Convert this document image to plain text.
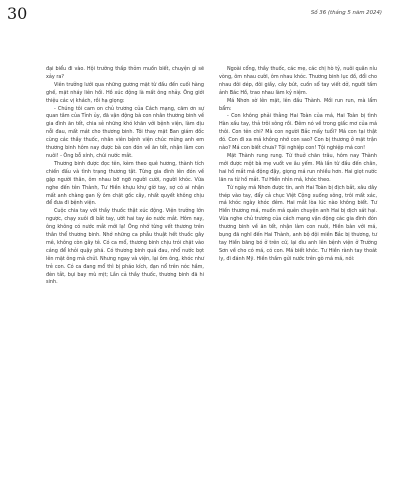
30	Số 36 (tháng 5 năm 2024)

đại biểu đi vào. Hội trường thấp thỏm muốn biết, chuyện gì sẽ xảy ra?

Viên trưởng lưới qua những gương mặt từ đầu đến cuối hàng ghế, mặt nháy liên hồi. Hồ xúc động là mất ông nhảy. Ông giới thiệu các vị khách, rồi hạ giọng:

- Chúng tôi cam on chủ trương của Cách mạng, căm ơn sự quan tâm của Tỉnh ủy, đã vận động bà con nhân thương binh về gia đình ăn tết, chia sẻ những khó khăn với bệnh viện, làm dịu nỗi đau, mất mát cho thương binh. Tôi thay mặt Ban giám đốc cùng các thầy thuốc, nhân viên bệnh viện chúc mừng anh em thương binh hôm nay được bà con đón về ăn tết, nhận làm con nuôi! - Ông bỗ xính, chúi nước mắt.

Thương binh được đọc tên, kèm theo quê hương, thành tích chiến đấu và tình trạng thương tật. Từng gia đình lên đón về gặp người thân, ôm nhau bỡ ngỡ người cười, người khóc. Vừa nghe đến tên Thành, Tư Hiền khựu khự giờ tay, sợ có ai nhận mất anh chàng gan lỳ ôm chặt gốc cây, nhất quyết không chịu để đưa đi bệnh viện.

Cuộc chia tay với thầy thuốc thật xúc động. Viện trưởng lớn ngược, chạy xuôi đi bắt tay, ướt hai tay áo nước mắt. Hôm nay, ông không có nước mắt mới lạ! Ông nhớ từng vết thương trên thân thể thương binh. Nhớ những ca phẫu thuật hết thuốc gây mê, không còn gây tê. Có ca mổ, thương binh chịu trói chặt vào cáng để khỏi quậy phá. Có thương binh quá đau, nhổ nước bọt lên mặt ông mà chửi. Nhưng ngay và viện, lại ôm ông, khóc như trẻ con. Có ca đang mổ thì bị pháo kích, đạn nổ trên nóc hầm, đèn tắt, bụi bay mù mịt; Lần cả thầy thuốc, thương binh đã hi sinh.

Ngoài cổng, thầy thuốc, các mẹ, các chị hò tỷ, nuôi quân níu vòng, ôm nhau cười, ôm nhau khóc. Thương binh lục đồ, đổi cho nhau đôi dép, đôi giầy, cây bút, cuốn sổ tay viết dở, người tấm ảnh Bác Hồ, trao nhau làm kỷ niệm.

Má Nhơn sờ lên mặt, lên đầu Thành. Mồi run run, mà lẩm bẩm:

- Con không phải thằng Hai Toàn của má, Hai Toàn bị tình Hàn xấu tay, thả trôi sông rồi. Đêm nó về trong giấc mơ của má thôi. Con tên chi? Mà con người Bắc mấy tuổi? Má con tại thật đó. Con đi xa má không nhớ con sao? Con bị thương ở mặt trận nào? Má con biết chưa? Tội nghiệp con! Tội nghiệp má con!

Mặt Thành rung rung. Từ thuở chăn trâu, hôm nay Thành mới được một bà mẹ vuốt ve âu yếm. Mà lần từ đầu đến chân, hai hố mắt má động đậy, giọng má run nhiều hơn. Hai giọt nước lăn ra từ hố mắt. Tư Hiền nhìn má, khóc theo.

Từ ngày má Nhơn được tin, anh Hai Toàn bị địch bắt, xâu dây thép vào tay, đẩy cả chục Việt Cộng xuống sông, trôi mất xác, má khóc ngày khóc đêm. Hai mắt lòa lúc nào không biết. Tư Hiền thương má, muốn má quên chuyện anh Hai bị dịch sát hại. Vừa nghe chủ trương của cách mạng vận động các gia đình đón thương binh về ăn tết, nhận làm con nuôi, Hiền bàn với má, bụng đã nghĩ đến Hai Thành, anh bộ đội miền Bắc bị thương, tư tay Hiền băng bó ở trên cứ, lại dìu anh lên bệnh viện ở Trường Sơn về cho có má, có con. Má biết khóc. Tư Hiền rành tay thoát ly, đi đánh Mỹ. Hiền thầm gửi nước trên gò má má, nói:
